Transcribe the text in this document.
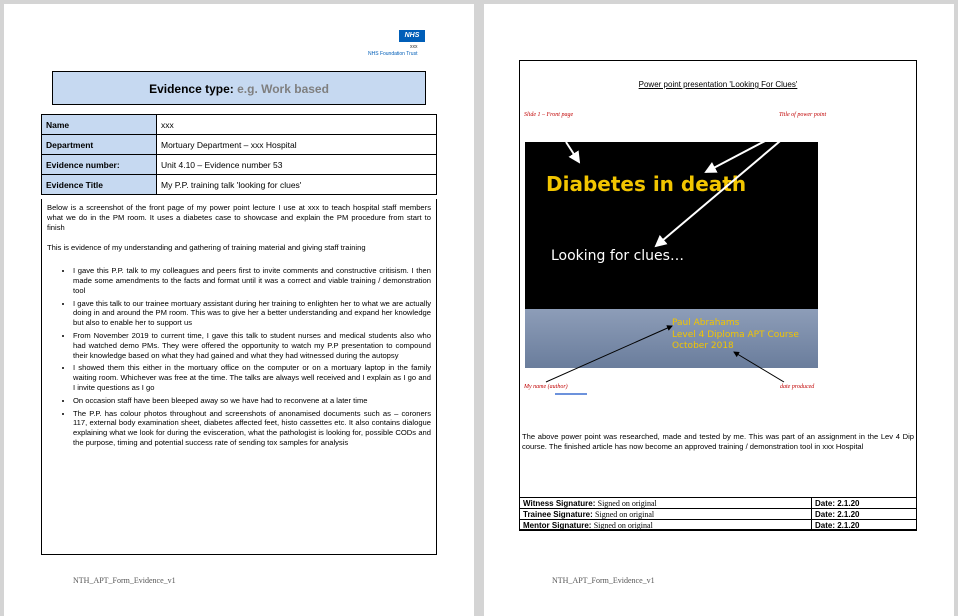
NHS
xxx
NHS Foundation Trust
Evidence type: e.g. Work based
Name	xxx
Department	Mortuary Department – xxx Hospital
Evidence number:	Unit 4.10 – Evidence number 53
Evidence Title	My P.P. training talk 'looking for clues'

Below is a screenshot of the front page of my power point lecture I use at xxx to teach hospital staff members what we do in the PM room. It uses a diabetes case to showcase and explain the PM procedure from start to finish

This is evidence of my understanding and gathering of training material and giving staff training

• I gave this P.P. talk to my colleagues and peers first to invite comments and constructive critisism. I then made some amendments to the facts and format until it was a correct and viable training / demonstration tool
• I gave this talk to our trainee mortuary assistant during her training to enlighten her to what we are actually doing in and around the PM room. This was to give her a better understanding and expand her knowledge but also to enable her to support us
• From November 2019 to current time, I gave this talk to student nurses and medical students also who had watched demo PMs. They were offered the opportunity to watch my P.P presentation to compound their knowledge based on what they had gained and what they had witnessed during the autopsy
• I showed them this either in the mortuary office on the computer or on a mortuary laptop in the family waiting room. Whichever was free at the time. The talks are always well received and I explain as I go and I invite questions as I go
• On occasion staff have been bleeped away so we have had to reconvene at a later time
• The P.P. has colour photos throughout and screenshots of anonamised documents such as – coroners 117, external body examination sheet, diabetes affected feet, histo cassettes etc. It also contains dialogue explaining what we look for during the evisceration, what the pathologist is looking for, possible CODs and the purpose, timing and potential success rate of sending tox samples for analysis
NTH_APT_Form_Evidence_v1
Power point presentation 'Looking For Clues'
Slide 1 – Front page	Title of power point
Diabetes in death
Looking for clues…
Paul Abrahams
Level 4 Diploma APT Course
October 2018
My name (author)	date produced
The above power point was researched, made and tested by me. This was part of an assignment in the Lev 4 Dip course. The finished article has now become an approved training / demonstration tool in xxx Hospital
Witness Signature: Signed on original	Date: 2.1.20
Trainee Signature: Signed on original	Date: 2.1.20
Mentor Signature: Signed on original	Date: 2.1.20
NTH_APT_Form_Evidence_v1
